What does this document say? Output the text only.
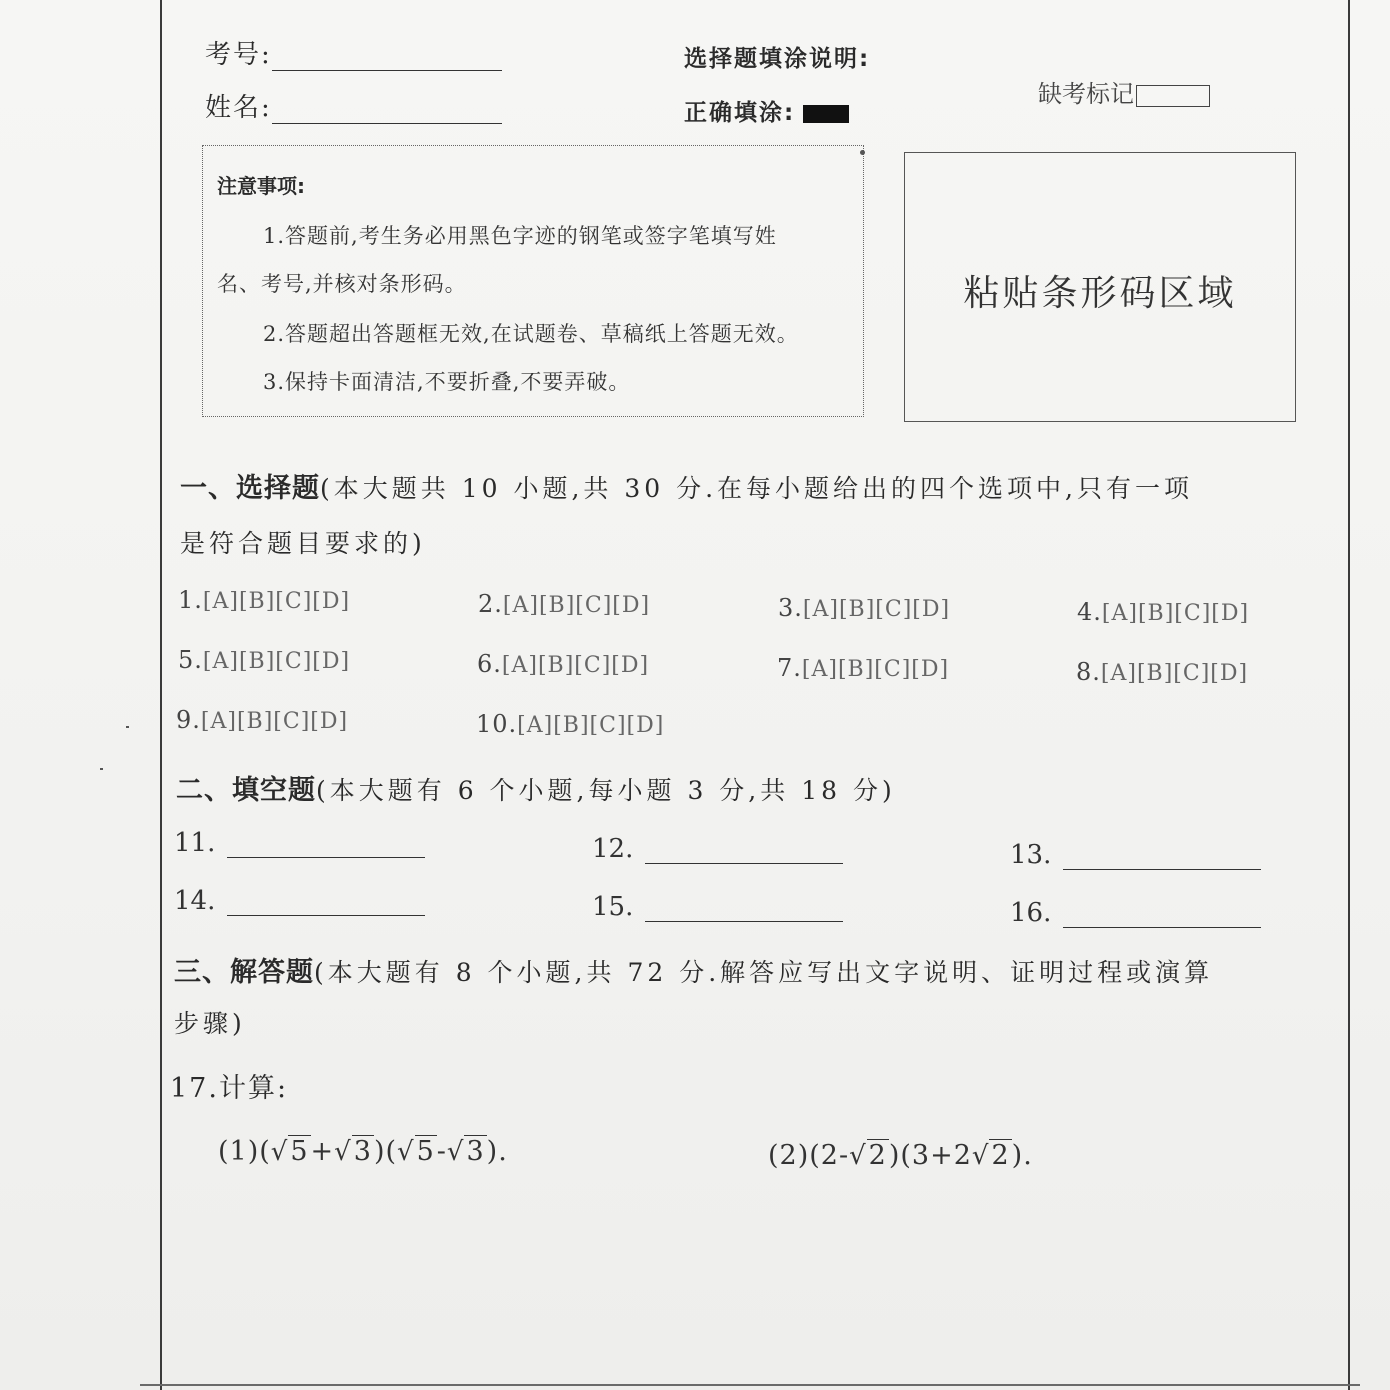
考号:
姓名:
选择题填涂说明:
正确填涂:
缺考标记
注意事项:
1.答题前,考生务必用黑色字迹的钢笔或签字笔填写姓
名、考号,并核对条形码。
2.答题超出答题框无效,在试题卷、草稿纸上答题无效。
3.保持卡面清洁,不要折叠,不要弄破。
粘贴条形码区域
一、选择题(本大题共 10 小题,共 30 分.在每小题给出的四个选项中,只有一项
是符合题目要求的)
1.[A][B][C][D]	2.[A][B][C][D]	3.[A][B][C][D]	4.[A][B][C][D]
5.[A][B][C][D]	6.[A][B][C][D]	7.[A][B][C][D]	8.[A][B][C][D]
9.[A][B][C][D]	10.[A][B][C][D]
二、填空题(本大题有 6 个小题,每小题 3 分,共 18 分)
11.	12.	13.
14.	15.	16.
三、解答题(本大题有 8 个小题,共 72 分.解答应写出文字说明、证明过程或演算
步骤)
17.计算:
(1)(√5+√3)(√5-√3).	(2)(2-√2)(3+2√2).
